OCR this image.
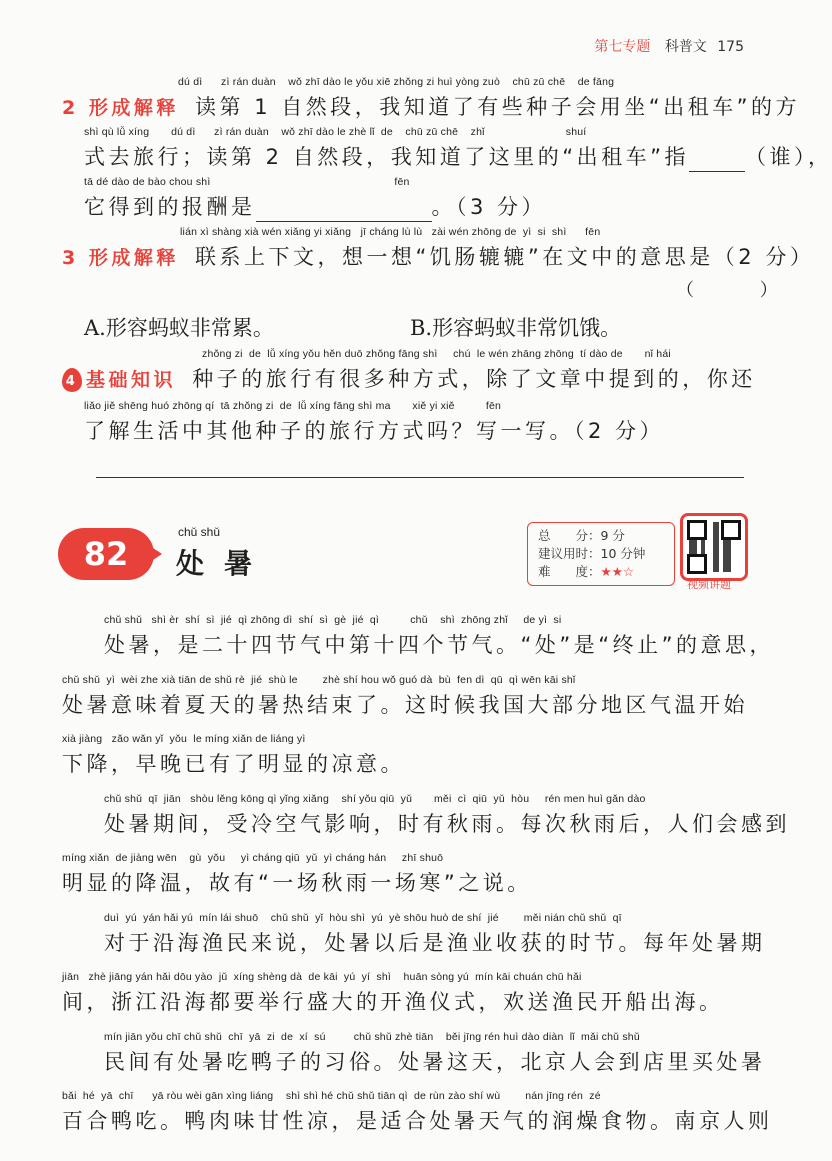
第七专题 科普文 175
dú dì      zì rán duàn    wǒ zhī dào le yǒu xiē zhǒng zi huì yòng zuò    chū zū chē    de fāng
2 形成解释 读第 1 自然段，我知道了有些种子会用坐“出租车”的方
shì qù lǚ xíng       dú dì      zì rán duàn    wǒ zhī dào le zhè lǐ  de    chū zū chē    zhǐ                          shuí
式去旅行；读第 2 自然段，我知道了这里的“出租车”指	（谁），
tā dé dào de bào chou shì                                                           fēn
它得到的报酬是	。（3 分）
lián xì shàng xià wén xiǎng yi xiǎng   jī cháng lù lù   zài wén zhōng de  yì  si  shì      fēn
3 形成解释 联系上下文，想一想“饥肠辘辘”在文中的意思是（2 分）
（ ）
A.形容蚂蚁非常累。	B.形容蚂蚁非常饥饿。
zhǒng zi  de  lǚ xíng yǒu hěn duō zhǒng fāng shì     chú  le wén zhāng zhōng  tí dào de       nǐ hái
4 基础知识 种子的旅行有很多种方式，除了文章中提到的，你还
liǎo jiě shēng huó zhōng qí  tā zhǒng zi  de  lǚ xíng fāng shì ma       xiě yi xiě          fēn
了解生活中其他种子的旅行方式吗？写一写。（2 分）
82
chǔ shǔ
处暑
总　　分：9 分
建议用时：10 分钟
难　　度：★★☆
视频讲题
chǔ shǔ   shì èr  shí  sì  jié  qì zhōng dì  shí  sì  gè  jié  qì          chǔ    shì  zhōng zhǐ     de yì  si
处暑，是二十四节气中第十四个节气。“处”是“终止”的意思，
chǔ shǔ  yì  wèi zhe xià tiān de shǔ rè  jié  shù le        zhè shí hou wǒ guó dà  bù  fen dì  qū  qì wēn kāi shǐ
处暑意味着夏天的暑热结束了。这时候我国大部分地区气温开始
xià jiàng   zǎo wǎn yǐ  yǒu  le míng xiǎn de liáng yì
下降，早晚已有了明显的凉意。
chǔ shǔ  qī  jiān   shòu lěng kōng qì yǐng xiǎng    shí yǒu qiū  yǔ       měi  cì  qiū  yǔ  hòu     rén men huì gǎn dào
处暑期间，受冷空气影响，时有秋雨。每次秋雨后，人们会感到
míng xiǎn  de jiàng wēn    gù  yǒu     yì cháng qiū  yǔ  yì cháng hán     zhī shuō
明显的降温，故有“一场秋雨一场寒”之说。
duì  yú  yán hǎi yú  mín lái shuō    chǔ shǔ  yǐ  hòu shì  yú  yè shōu huò de shí  jié        měi nián chǔ shǔ  qī
对于沿海渔民来说，处暑以后是渔业收获的时节。每年处暑期
jiān   zhè jiāng yán hǎi dōu yào  jǔ  xíng shèng dà  de kāi  yú  yí  shì    huān sòng yú  mín kāi chuán chū hǎi
间，浙江沿海都要举行盛大的开渔仪式，欢送渔民开船出海。
mín jiān yǒu chī chǔ shǔ  chī  yā  zi  de  xí  sú         chǔ shǔ zhè tiān    běi jīng rén huì dào diàn  lǐ  mǎi chǔ shǔ
民间有处暑吃鸭子的习俗。处暑这天，北京人会到店里买处暑
bǎi  hé  yā  chī      yā ròu wèi gān xìng liáng    shì shì hé chǔ shǔ tiān qì  de rùn zào shí wù        nán jīng rén  zé
百合鸭吃。鸭肉味甘性凉，是适合处暑天气的润燥食物。南京人则
